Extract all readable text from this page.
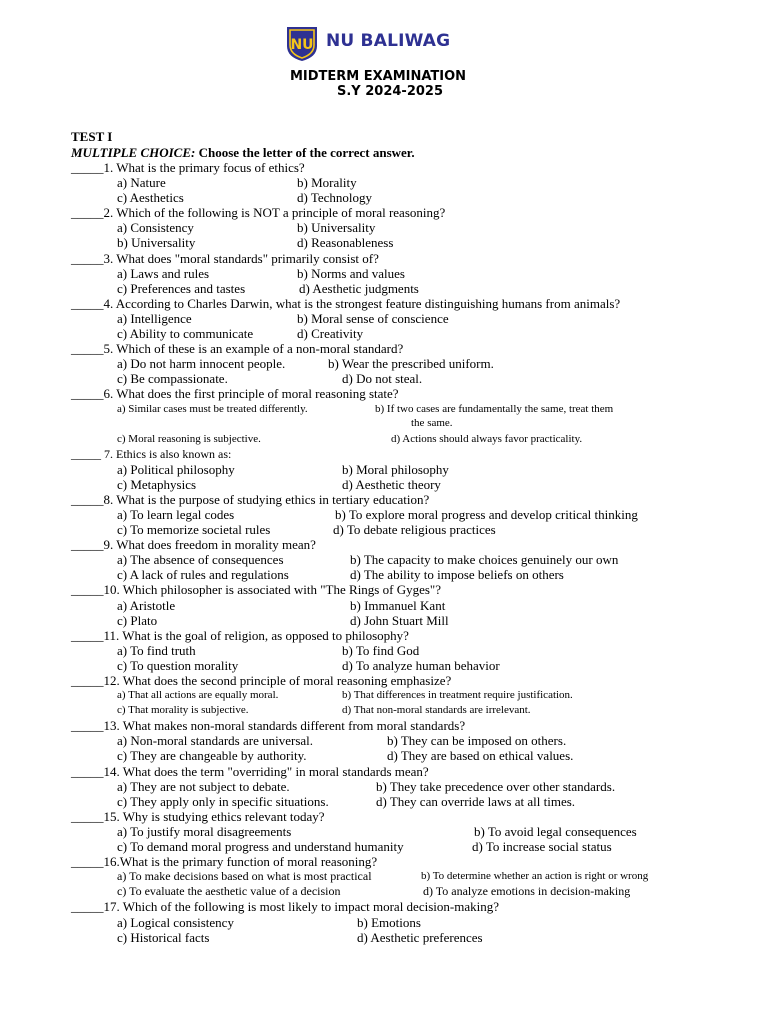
NU NU BALIWAG
MIDTERM EXAMINATION
S.Y 2024-2025
TEST I
MULTIPLE CHOICE: Choose the letter of the correct answer.
_____1. What is the primary focus of ethics?
a) Nature	b) Morality
c) Aesthetics	d) Technology
_____2. Which of the following is NOT a principle of moral reasoning?
a) Consistency	b) Universality
b) Universality	d) Reasonableness
_____3. What does "moral standards" primarily consist of?
a) Laws and rules	b) Norms and values
c) Preferences and tastes	d) Aesthetic judgments
_____4. According to Charles Darwin, what is the strongest feature distinguishing humans from animals?
a) Intelligence	b) Moral sense of conscience
c) Ability to communicate	d) Creativity
_____5. Which of these is an example of a non-moral standard?
a) Do not harm innocent people.	b) Wear the prescribed uniform.
c) Be compassionate.	d) Do not steal.
_____6. What does the first principle of moral reasoning state?
a) Similar cases must be treated differently.	b) If two cases are fundamentally the same, treat them
the same.
c) Moral reasoning is subjective.	d) Actions should always favor practicality.
_____ 7. Ethics is also known as:
a) Political philosophy	b) Moral philosophy
c) Metaphysics	d) Aesthetic theory
_____8. What is the purpose of studying ethics in tertiary education?
a) To learn legal codes	b) To explore moral progress and develop critical thinking
c) To memorize societal rules	d) To debate religious practices
_____9. What does freedom in morality mean?
a) The absence of consequences	b) The capacity to make choices genuinely our own
c) A lack of rules and regulations	d) The ability to impose beliefs on others
_____10. Which philosopher is associated with "The Rings of Gyges"?
a) Aristotle	b) Immanuel Kant
c) Plato	d) John Stuart Mill
_____11. What is the goal of religion, as opposed to philosophy?
a) To find truth	b) To find God
c) To question morality	d) To analyze human behavior
_____12. What does the second principle of moral reasoning emphasize?
a) That all actions are equally moral.	b) That differences in treatment require justification.
c) That morality is subjective.	d) That non-moral standards are irrelevant.
_____13. What makes non-moral standards different from moral standards?
a) Non-moral standards are universal.	b) They can be imposed on others.
c) They are changeable by authority.	d) They are based on ethical values.
_____14. What does the term "overriding" in moral standards mean?
a) They are not subject to debate.	b) They take precedence over other standards.
c) They apply only in specific situations.	d) They can override laws at all times.
_____15. Why is studying ethics relevant today?
a) To justify moral disagreements	b) To avoid legal consequences
c) To demand moral progress and understand humanity	d) To increase social status
_____16.What is the primary function of moral reasoning?
a) To make decisions based on what is most practical	b) To determine whether an action is right or wrong
c) To evaluate the aesthetic value of a decision	d) To analyze emotions in decision-making
_____17. Which of the following is most likely to impact moral decision-making?
a) Logical consistency	b) Emotions
c) Historical facts	d) Aesthetic preferences
